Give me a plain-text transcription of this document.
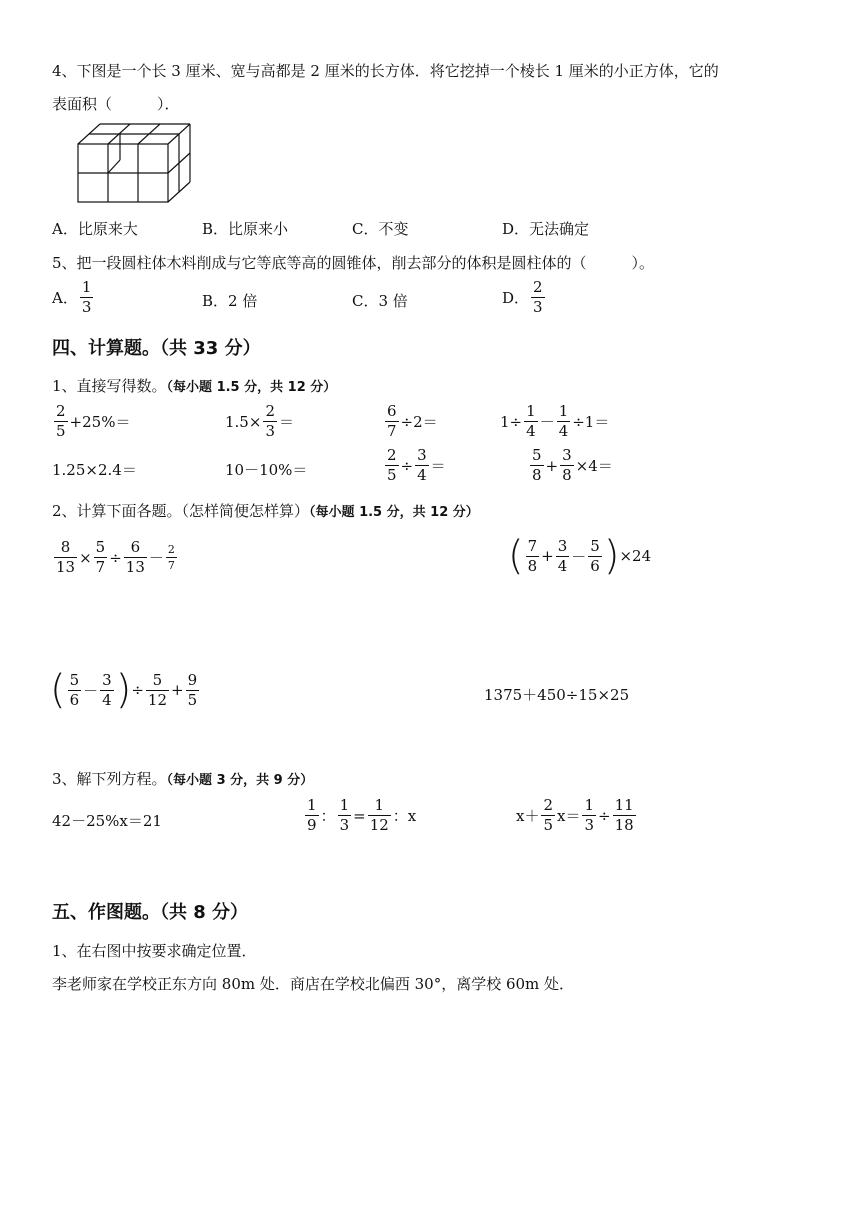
4、下图是一个长 3 厘米、宽与高都是 2 厘米的长方体．将它挖掉一个棱长 1 厘米的小正方体，它的
表面积（　　　）．
A．比原来大	B．比原来小	C．不变	D．无法确定
5、把一段圆柱体木料削成与它等底等高的圆锥体，削去部分的体积是圆柱体的（　　　）。
A． $\frac{1}{3}$	B．2 倍	C．3 倍	D． $\frac{2}{3}$
四、计算题。（共 33 分）
1、直接写得数。（每小题 1.5 分，共 12 分）
$\frac{2}{5} +25\%=$	$1.5\times \frac{2}{3}$ ＝	$\frac{6}{7} \div 2=$	$1\div \frac{1}{4} - \frac{1}{4} \div 1=$
1.25×2.4＝	10－10%＝	$\frac{2}{5} \div \frac{3}{4}$ ＝	$\frac{5}{8} + \frac{3}{8} \times 4=$
2、计算下面各题。（怎样简便怎样算）（每小题 1.5 分，共 12 分）
$\frac{8}{13} \times \frac{5}{7} \div \frac{6}{13} - \frac{2}{7}$	( $\frac{7}{8} + \frac{3}{4} - \frac{5}{6} )\times 24$
( $\frac{5}{6} - \frac{3}{4}$ )÷ $\frac{5}{12} + \frac{9}{5}$	1375＋450÷15×25
3、解下列方程。（每小题 3 分，共 9 分）
42－25%x＝21	$\frac{1}{9}$ ： $\frac{1}{3} = \frac{1}{12}$ ：x	$x+ \frac{2}{5} x= \frac{1}{3} \div \frac{11}{18}$
五、作图题。（共 8 分）
1、在右图中按要求确定位置．
李老师家在学校正东方向 80m 处．商店在学校北偏西 30°，离学校 60m 处．
